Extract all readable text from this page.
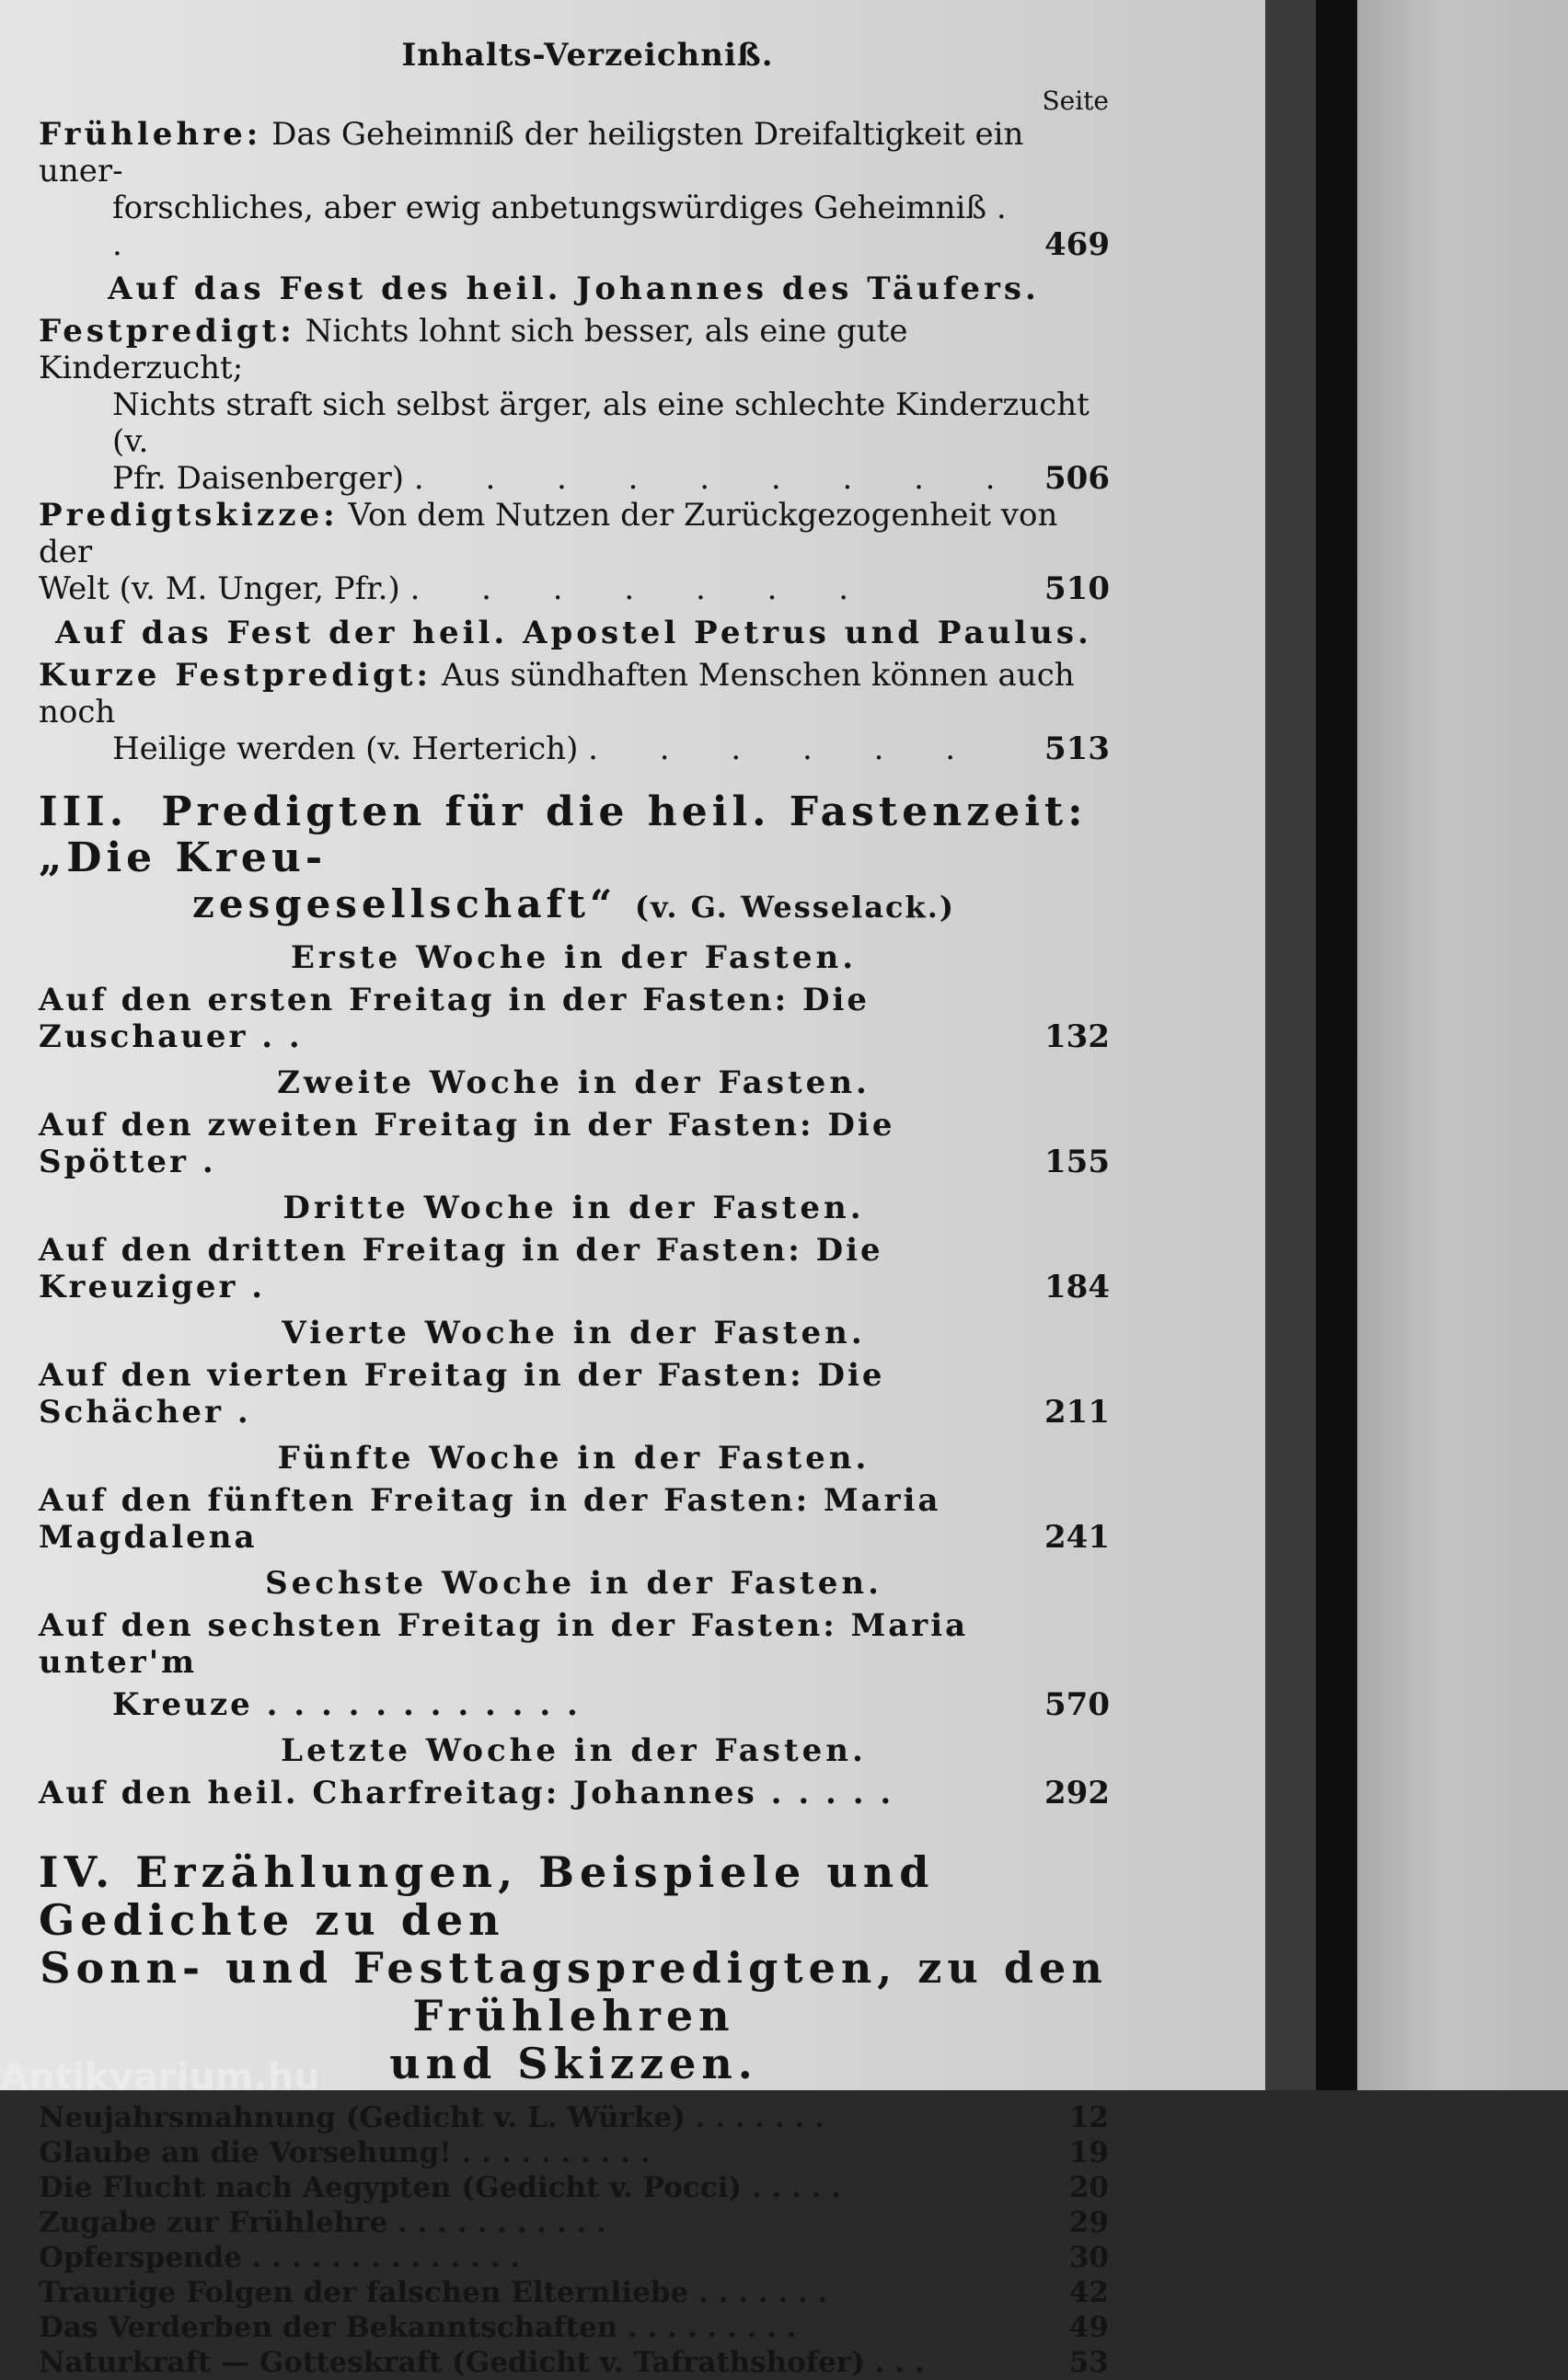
Inhalts-Verzeichniß.
Seite
Frühlehre: Das Geheimniß der heiligsten Dreifaltigkeit ein uner-
forschliches, aber ewig anbetungswürdiges Geheimniß . .	469
Auf das Fest des heil. Johannes des Täufers.
Festpredigt: Nichts lohnt sich besser, als eine gute Kinderzucht;
Nichts straft sich selbst ärger, als eine schlechte Kinderzucht (v.
Pfr. Daisenberger) . . . . . . . . . 506
Predigtskizze: Von dem Nutzen der Zurückgezogenheit von der
Welt (v. M. Unger, Pfr.) . . . . . . .	510
Auf das Fest der heil. Apostel Petrus und Paulus.
Kurze Festpredigt: Aus sündhaften Menschen können auch noch
Heilige werden (v. Herterich) . . . . . .	513
III. Predigten für die heil. Fastenzeit: „Die Kreu-
zesgesellschaft“ (v. G. Wesselack.)
Erste Woche in der Fasten.
Auf den ersten Freitag in der Fasten: Die Zuschauer . .	132
Zweite Woche in der Fasten.
Auf den zweiten Freitag in der Fasten: Die Spötter .	155
Dritte Woche in der Fasten.
Auf den dritten Freitag in der Fasten: Die Kreuziger .	184
Vierte Woche in der Fasten.
Auf den vierten Freitag in der Fasten: Die Schächer .	211
Fünfte Woche in der Fasten.
Auf den fünften Freitag in der Fasten: Maria Magdalena	241
Sechste Woche in der Fasten.
Auf den sechsten Freitag in der Fasten: Maria unter'm
Kreuze . . . . . . . . . . . .	570
Letzte Woche in der Fasten.
Auf den heil. Charfreitag: Johannes . . . . .	292
IV. Erzählungen, Beispiele und Gedichte zu den
Sonn- und Festtagspredigten, zu den Frühlehren
und Skizzen.
Neujahrsmahnung (Gedicht v. L. Würke) . . . . . . .	12
Glaube an die Vorsehung! . . . . . . . . . .	19
Die Flucht nach Aegypten (Gedicht v. Pocci) . . . . .	20
Zugabe zur Frühlehre . . . . . . . . . . .	29
Opferspende . . . . . . . . . . . . . .	30
Traurige Folgen der falschen Elternliebe . . . . . . .	42
Das Verderben der Bekanntschaften . . . . . . . . .	49
Naturkraft — Gotteskraft (Gedicht v. Tafrathshofer) . . .	53
Antikvarium.hu
